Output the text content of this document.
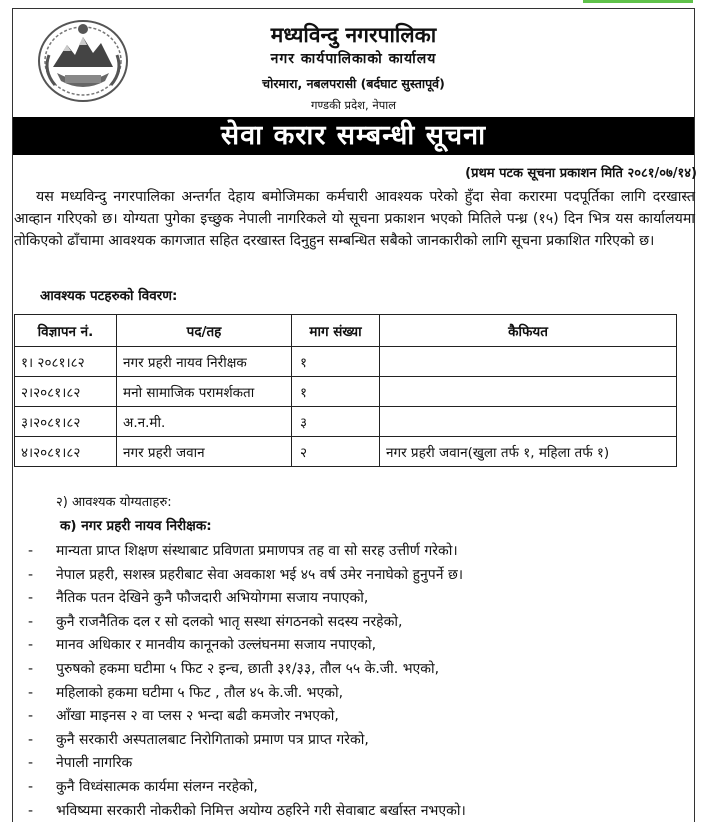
मध्यविन्दु नगरपालिका
नगर कार्यपालिकाको कार्यालय
चोरमारा, नबलपरासी (बर्दघाट सुस्तापूर्व)
गण्डकी प्रदेश, नेपाल
सेवा करार सम्बन्धी सूचना
(प्रथम पटक सूचना प्रकाशन मिति २०८१/०७/१४)

यस मध्यविन्दु नगरपालिका अन्तर्गत देहाय बमोजिमका कर्मचारी आवश्यक परेको हुँदा सेवा करारमा पदपूर्तिका लागि दरखास्त आव्हान गरिएको छ। योग्यता पुगेका इच्छुक नेपाली नागरिकले यो सूचना प्रकाशन भएको मितिले पन्ध्र (१५) दिन भित्र यस कार्यालयमा तोकिएको ढाँचामा आवश्यक कागजात सहित दरखास्त दिनुहुन सम्बन्धित सबैको जानकारीको लागि सूचना प्रकाशित गरिएको छ।

आवश्यक पटहरुको विवरण:
विज्ञापन नं.	पद/तह	माग संख्या	कैफियत
१। २०८१।८२	नगर प्रहरी नायव निरीक्षक	१	
२।२०८१।८२	मनो सामाजिक परामर्शकता	१	
३।२०८१।८२	अ.न.मी.	३	
४।२०८१।८२	नगर प्रहरी जवान	२	नगर प्रहरी जवान(खुला तर्फ १, महिला तर्फ १)
२) आवश्यक योग्यताहरु:
क) नगर प्रहरी नायव निरीक्षक:
- मान्यता प्राप्त शिक्षण संस्थाबाट प्रविणता प्रमाणपत्र तह वा सो सरह उत्तीर्ण गरेको।
- नेपाल प्रहरी, सशस्त्र प्रहरीबाट सेवा अवकाश भई ४५ वर्ष उमेर ननाघेको हुनुपर्ने छ।
- नैतिक पतन देखिने कुनै फौजदारी अभियोगमा सजाय नपाएको,
- कुनै राजनैतिक दल र सो दलको भातृ सस्था संगठनको सदस्य नरहेको,
- मानव अधिकार र मानवीय कानूनको उल्लंघनमा सजाय नपाएको,
- पुरुषको हकमा घटीमा ५ फिट २ इन्च, छाती ३१/३३, तौल ५५ के.जी. भएको,
- महिलाको हकमा घटीमा ५ फिट , तौल ४५ के.जी. भएको,
- आँखा माइनस २ वा प्लस २ भन्दा बढी कमजोर नभएको,
- कुनै सरकारी अस्पतालबाट निरोगिताको प्रमाण पत्र प्राप्त गरेको,
- नेपाली नागरिक
- कुनै विध्वंसात्मक कार्यमा संलग्न नरहेको,
- भविष्यमा सरकारी नोकरीको निमित्त अयोग्य ठहरिने गरी सेवाबाट बर्खास्त नभएको।
